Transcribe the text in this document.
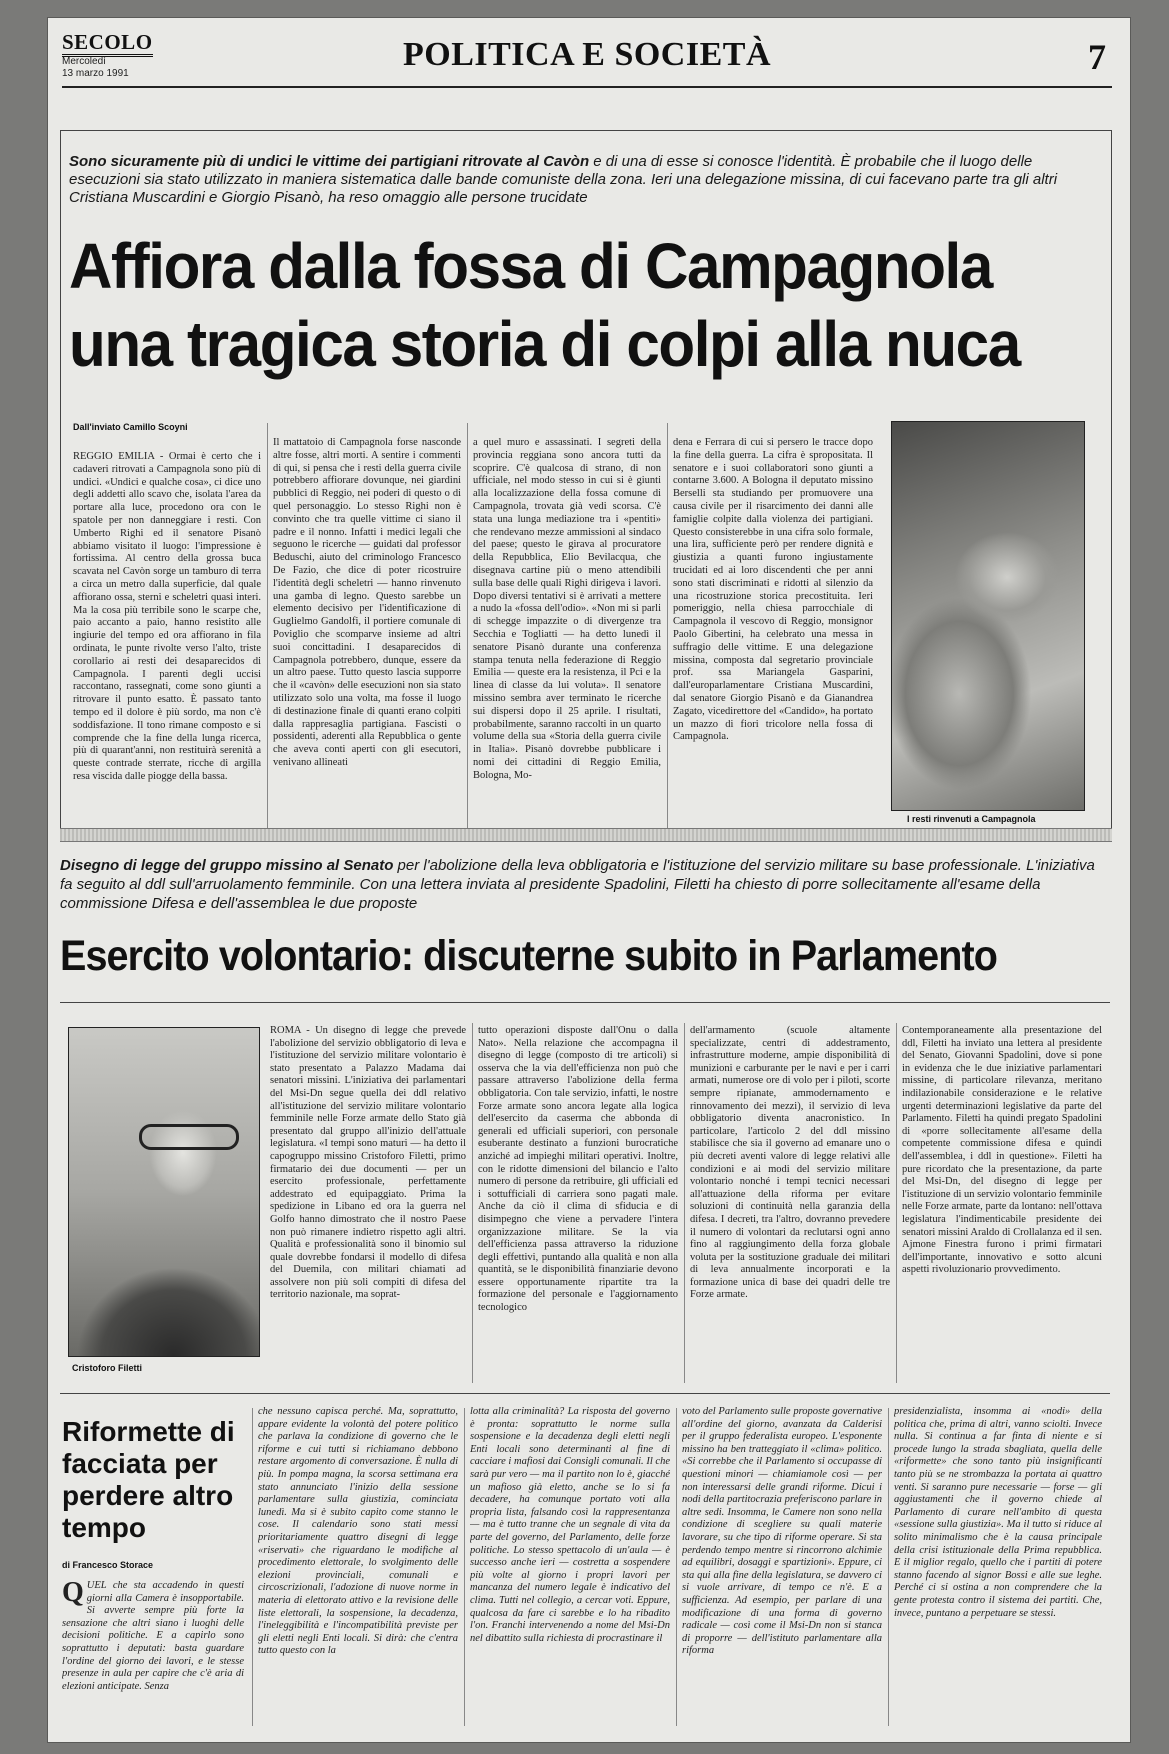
SECOLO
Mercoledì
13 marzo 1991
POLITICA E SOCIETÀ	7
Sono sicuramente più di undici le vittime dei partigiani ritrovate al Cavòn e di una di esse si conosce l'identità. È probabile che il luogo delle esecuzioni sia stato utilizzato in maniera sistematica dalle bande comuniste della zona. Ieri una delegazione missina, di cui facevano parte tra gli altri Cristiana Muscardini e Giorgio Pisanò, ha reso omaggio alle persone trucidate
Affiora dalla fossa di Campagnola
una tragica storia di colpi alla nuca
Dall'inviato Camillo Scoyni

REGGIO EMILIA - Ormai è certo che i cadaveri ritrovati a Campagnola sono più di undici. «Undici e qualche cosa», ci dice uno degli addetti allo scavo che, isolata l'area da portare alla luce, procedono ora con le spatole per non danneggiare i resti. Con Umberto Righi ed il senatore Pisanò abbiamo visitato il luogo: l'impressione è fortissima. Al centro della grossa buca scavata nel Cavòn sorge un tamburo di terra a circa un metro dalla superficie, dal quale affiorano ossa, sterni e scheletri quasi interi. Ma la cosa più terribile sono le scarpe che, paio accanto a paio, hanno resistito alle ingiurie del tempo ed ora affiorano in fila ordinata, le punte rivolte verso l'alto, triste corollario ai resti dei desaparecidos di Campagnola. I parenti degli uccisi raccontano, rassegnati, come sono giunti a ritrovare il punto esatto. È passato tanto tempo ed il dolore è più sordo, ma non c'è soddisfazione. Il tono rimane composto e si comprende che la fine della lunga ricerca, più di quarant'anni, non restituirà serenità a queste contrade sterrate, ricche di argilla resa viscida dalle piogge della bassa.

Il mattatoio di Campagnola forse nasconde altre fosse, altri morti. A sentire i commenti di qui, si pensa che i resti della guerra civile potrebbero affiorare dovunque, nei giardini pubblici di Reggio, nei poderi di questo o di quel personaggio. Lo stesso Righi non è convinto che tra quelle vittime ci siano il padre e il nonno. Infatti i medici legali che seguono le ricerche — guidati dal professor Beduschi, aiuto del criminologo Francesco De Fazio, che dice di poter ricostruire l'identità degli scheletri — hanno rinvenuto una gamba di legno. Questo sarebbe un elemento decisivo per l'identificazione di Guglielmo Gandolfi, il portiere comunale di Poviglio che scomparve insieme ad altri suoi concittadini. I desaparecidos di Campagnola potrebbero, dunque, essere da un altro paese. Tutto questo lascia supporre che il «cavòn» delle esecuzioni non sia stato utilizzato solo una volta, ma fosse il luogo di destinazione finale di quanti erano colpiti dalla rappresaglia partigiana. Fascisti o possidenti, aderenti alla Repubblica o gente che aveva conti aperti con gli esecutori, venivano allineati

a quel muro e assassinati. I segreti della provincia reggiana sono ancora tutti da scoprire. C'è qualcosa di strano, di non ufficiale, nel modo stesso in cui si è giunti alla localizzazione della fossa comune di Campagnola, trovata già vedi scorsa. C'è stata una lunga mediazione tra i «pentiti» che rendevano mezze ammissioni al sindaco del paese; questo le girava al procuratore della Repubblica, Elio Bevilacqua, che disegnava cartine più o meno attendibili sulla base delle quali Righi dirigeva i lavori. Dopo diversi tentativi si è arrivati a mettere a nudo la «fossa dell'odio». «Non mi si parli di schegge impazzite o di divergenze tra Secchia e Togliatti — ha detto lunedì il senatore Pisanò durante una conferenza stampa tenuta nella federazione di Reggio Emilia — queste era la resistenza, il Pci e la linea di classe da lui voluta». Il senatore missino sembra aver terminato le ricerche sui dispersi dopo il 25 aprile. I risultati, probabilmente, saranno raccolti in un quarto volume della sua «Storia della guerra civile in Italia». Pisanò dovrebbe pubblicare i nomi dei cittadini di Reggio Emilia, Bologna, Mo-

dena e Ferrara di cui si persero le tracce dopo la fine della guerra. La cifra è spropositata. Il senatore e i suoi collaboratori sono giunti a contarne 3.600. A Bologna il deputato missino Berselli sta studiando per promuovere una causa civile per il risarcimento dei danni alle famiglie colpite dalla violenza dei partigiani. Questo consisterebbe in una cifra solo formale, una lira, sufficiente però per rendere dignità e giustizia a quanti furono ingiustamente trucidati ed ai loro discendenti che per anni sono stati discriminati e ridotti al silenzio da una ricostruzione storica precostituita. Ieri pomeriggio, nella chiesa parrocchiale di Campagnola il vescovo di Reggio, monsignor Paolo Gibertini, ha celebrato una messa in suffragio delle vittime. E una delegazione missina, composta dal segretario provinciale prof. ssa Mariangela Gasparini, dall'europarlamentare Cristiana Muscardini, dal senatore Giorgio Pisanò e da Gianandrea Zagato, vicedirettore del «Candido», ha portato un mazzo di fiori tricolore nella fossa di Campagnola.

I resti rinvenuti a Campagnola
Disegno di legge del gruppo missino al Senato per l'abolizione della leva obbligatoria e l'istituzione del servizio militare su base professionale. L'iniziativa fa seguito al ddl sull'arruolamento femminile. Con una lettera inviata al presidente Spadolini, Filetti ha chiesto di porre sollecitamente all'esame della commissione Difesa e dell'assemblea le due proposte
Esercito volontario: discuterne subito in Parlamento
Cristoforo Filetti

ROMA - Un disegno di legge che prevede l'abolizione del servizio obbligatorio di leva e l'istituzione del servizio militare volontario è stato presentato a Palazzo Madama dai senatori missini. L'iniziativa dei parlamentari del Msi-Dn segue quella dei ddl relativo all'istituzione del servizio militare volontario femminile nelle Forze armate dello Stato già presentato dal gruppo all'inizio dell'attuale legislatura. «I tempi sono maturi — ha detto il capogruppo missino Cristoforo Filetti, primo firmatario dei due documenti — per un esercito professionale, perfettamente addestrato ed equipaggiato. Prima la spedizione in Libano ed ora la guerra nel Golfo hanno dimostrato che il nostro Paese non può rimanere indietro rispetto agli altri. Qualità e professionalità sono il binomio sul quale dovrebbe fondarsi il modello di difesa del Duemila, con militari chiamati ad assolvere non più soli compiti di difesa del territorio nazionale, ma soprat-

tutto operazioni disposte dall'Onu o dalla Nato». Nella relazione che accompagna il disegno di legge (composto di tre articoli) si osserva che la via dell'efficienza non può che passare attraverso l'abolizione della ferma obbligatoria. Con tale servizio, infatti, le nostre Forze armate sono ancora legate alla logica dell'esercito da caserma che abbonda di generali ed ufficiali superiori, con personale esuberante destinato a funzioni burocratiche anziché ad impieghi militari operativi. Inoltre, con le ridotte dimensioni del bilancio e l'alto numero di persone da retribuire, gli ufficiali ed i sottufficiali di carriera sono pagati male. Anche da ciò il clima di sfiducia e di disimpegno che viene a pervadere l'intera organizzazione militare. Se la via dell'efficienza passa attraverso la riduzione degli effettivi, puntando alla qualità e non alla quantità, se le disponibilità finanziarie devono essere opportunamente ripartite tra la formazione del personale e l'aggiornamento tecnologico

dell'armamento (scuole altamente specializzate, centri di addestramento, infrastrutture moderne, ampie disponibilità di munizioni e carburante per le navi e per i carri armati, numerose ore di volo per i piloti, scorte sempre ripianate, ammodernamento e rinnovamento dei mezzi), il servizio di leva obbligatorio diventa anacronistico. In particolare, l'articolo 2 del ddl missino stabilisce che sia il governo ad emanare uno o più decreti aventi valore di legge relativi alle condizioni e ai modi del servizio militare volontario nonché i tempi tecnici necessari all'attuazione della riforma per evitare soluzioni di continuità nella garanzia della difesa. I decreti, tra l'altro, dovranno prevedere il numero di volontari da reclutarsi ogni anno fino al raggiungimento della forza globale voluta per la sostituzione graduale dei militari di leva annualmente incorporati e la formazione unica di base dei quadri delle tre Forze armate.

Contemporaneamente alla presentazione del ddl, Filetti ha inviato una lettera al presidente del Senato, Giovanni Spadolini, dove si pone in evidenza che le due iniziative parlamentari missine, di particolare rilevanza, meritano indilazionabile considerazione e le relative urgenti determinazioni legislative da parte del Parlamento. Filetti ha quindi pregato Spadolini di «porre sollecitamente all'esame della competente commissione difesa e quindi dell'assemblea, i ddl in questione». Filetti ha pure ricordato che la presentazione, da parte del Msi-Dn, del disegno di legge per l'istituzione di un servizio volontario femminile nelle Forze armate, parte da lontano: nell'ottava legislatura l'indimenticabile presidente dei senatori missini Araldo di Crollalanza ed il sen. Ajmone Finestra furono i primi firmatari dell'importante, innovativo e sotto alcuni aspetti rivoluzionario provvedimento.

Riformette di facciata per perdere altro tempo
di Francesco Storace
QUEL che sta accadendo in questi giorni alla Camera è insopportabile. Si avverte sempre più forte la sensazione che altri siano i luoghi delle decisioni politiche. E a capirlo sono soprattutto i deputati: basta guardare l'ordine del giorno dei lavori, e le stesse presenze in aula per capire che c'è aria di elezioni anticipate. Senza

che nessuno capisca perché. Ma, soprattutto, appare evidente la volontà del potere politico che parlava la condizione di governo che le riforme e cui tutti si richiamano debbono restare argomento di conversazione. È nulla di più. In pompa magna, la scorsa settimana era stato annunciato l'inizio della sessione parlamentare sulla giustizia, cominciata lunedì. Ma si è subito capito come stanno le cose. Il calendario sono stati messi prioritariamente quattro disegni di legge «riservati» che riguardano le modifiche al procedimento elettorale, lo svolgimento delle elezioni provinciali, comunali e circoscrizionali, l'adozione di nuove norme in materia di elettorato attivo e la revisione delle liste elettorali, la sospensione, la decadenza, l'ineleggibilità e l'incompatibilità previste per gli eletti negli Enti locali. Si dirà: che c'entra tutto questo con la

lotta alla criminalità? La risposta del governo è pronta: soprattutto le norme sulla sospensione e la decadenza degli eletti negli Enti locali sono determinanti al fine di cacciare i mafiosi dai Consigli comunali. Il che sarà pur vero — ma il partito non lo è, giacché un mafioso già eletto, anche se lo si fa decadere, ha comunque portato voti alla propria lista, falsando così la rappresentanza — ma è tutto tranne che un segnale di vita da parte del governo, del Parlamento, delle forze politiche. Lo stesso spettacolo di un'aula — è successo anche ieri — costretta a sospendere più volte al giorno i propri lavori per mancanza del numero legale è indicativo del clima. Tutti nel collegio, a cercar voti. Eppure, qualcosa da fare ci sarebbe e lo ha ribadito l'on. Franchi intervenendo a nome del Msi-Dn nel dibattito sulla richiesta di procrastinare il

voto del Parlamento sulle proposte governative all'ordine del giorno, avanzata da Calderisi per il gruppo federalista europeo. L'esponente missino ha ben tratteggiato il «clima» politico. «Si correbbe che il Parlamento si occupasse di questioni minori — chiamiamole così — per non interessarsi delle grandi riforme. Dicui i nodi della partitocrazia preferiscono parlare in altre sedi. Insomma, le Camere non sono nella condizione di scegliere su quali materie lavorare, su che tipo di riforme operare. Si sta perdendo tempo mentre si rincorrono alchimie ad equilibri, dosaggi e spartizioni». Eppure, ci sta qui alla fine della legislatura, se davvero ci si vuole arrivare, di tempo ce n'è. E a sufficienza. Ad esempio, per parlare di una modificazione di una forma di governo radicale — così come il Msi-Dn non si stanca di proporre — dell'istituto parlamentare alla riforma

presidenzialista, insomma ai «nodi» della politica che, prima di altri, vanno sciolti. Invece nulla. Si continua a far finta di niente e si procede lungo la strada sbagliata, quella delle «riformette» che sono tanto più insignificanti tanto più se ne strombazza la portata ai quattro venti. Si saranno pure necessarie — forse — gli aggiustamenti che il governo chiede al Parlamento di curare nell'ambito di questa «sessione sulla giustizia». Ma il tutto si riduce al solito minimalismo che è la causa principale della crisi istituzionale della Prima repubblica. E il miglior regalo, quello che i partiti di potere stanno facendo al signor Bossi e alle sue leghe. Perché ci si ostina a non comprendere che la gente protesta contro il sistema dei partiti. Che, invece, puntano a perpetuare se stessi.
